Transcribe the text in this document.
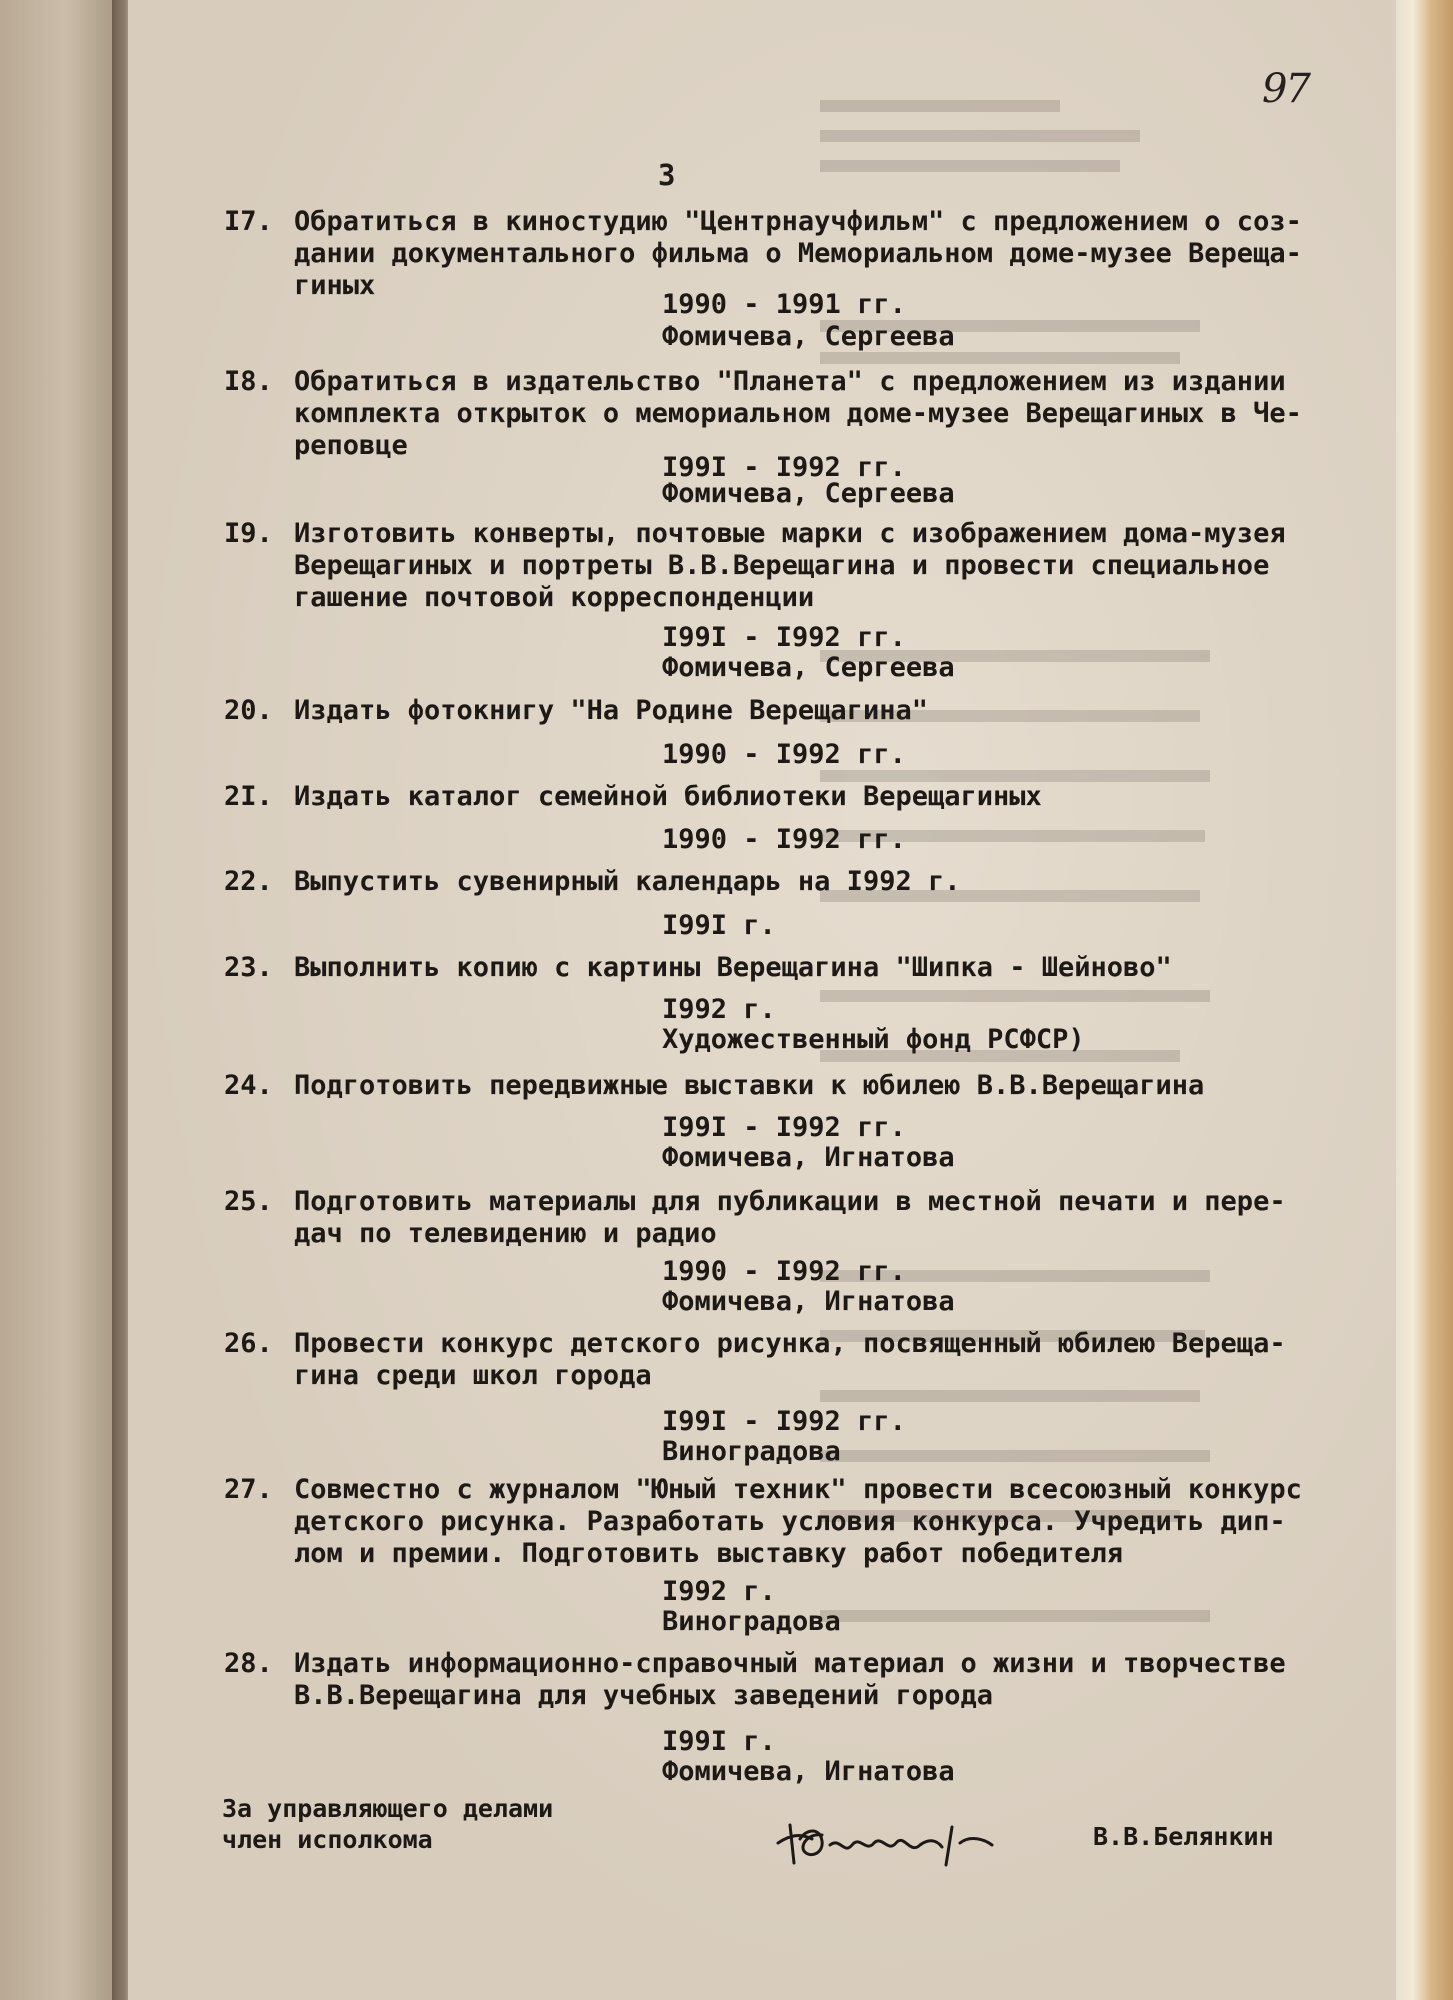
97
3
I7. Обратиться в киностудию "Центрнаучфильм" с предложением о соз-
дании документального фильма о Мемориальном доме-музее Вереща-
гиных
1990 - 1991 гг.
Фомичева, Сергеева
I8. Обратиться в издательство "Планета" с предложением из издании
комплекта открыток о мемориальном доме-музее Верещагиных в Че-
реповце
I99I - I992 гг.
Фомичева, Сергеева
I9. Изготовить конверты, почтовые марки с изображением дома-музея
Верещагиных и портреты В.В.Верещагина и провести специальное
гашение почтовой корреспонденции
I99I - I992 гг.
Фомичева, Сергеева
20. Издать фотокнигу "На Родине Верещагина"
1990 - I992 гг.
2I. Издать каталог семейной библиотеки Верещагиных
1990 - I992 гг.
22. Выпустить сувенирный календарь на I992 г.
I99I г.
23. Выполнить копию с картины Верещагина "Шипка - Шейново"
I992 г.
Художественный фонд РСФСР)
24. Подготовить передвижные выставки к юбилею В.В.Верещагина
I99I - I992 гг.
Фомичева, Игнатова
25. Подготовить материалы для публикации в местной печати и пере-
дач по телевидению и радио
1990 - I992 гг.
Фомичева, Игнатова
26. Провести конкурс детского рисунка, посвященный юбилею Вереща-
гина среди школ города
I99I - I992 гг.
Виноградова
27. Совместно с журналом "Юный техник" провести всесоюзный конкурс
детского рисунка. Разработать условия конкурса. Учредить дип-
лом и премии. Подготовить выставку работ победителя
I992 г.
Виноградова
28. Издать информационно-справочный материал о жизни и творчестве
В.В.Верещагина для учебных заведений города
I99I г.
Фомичева, Игнатова
За управляющего делами
член исполкома	В.В.Белянкин
